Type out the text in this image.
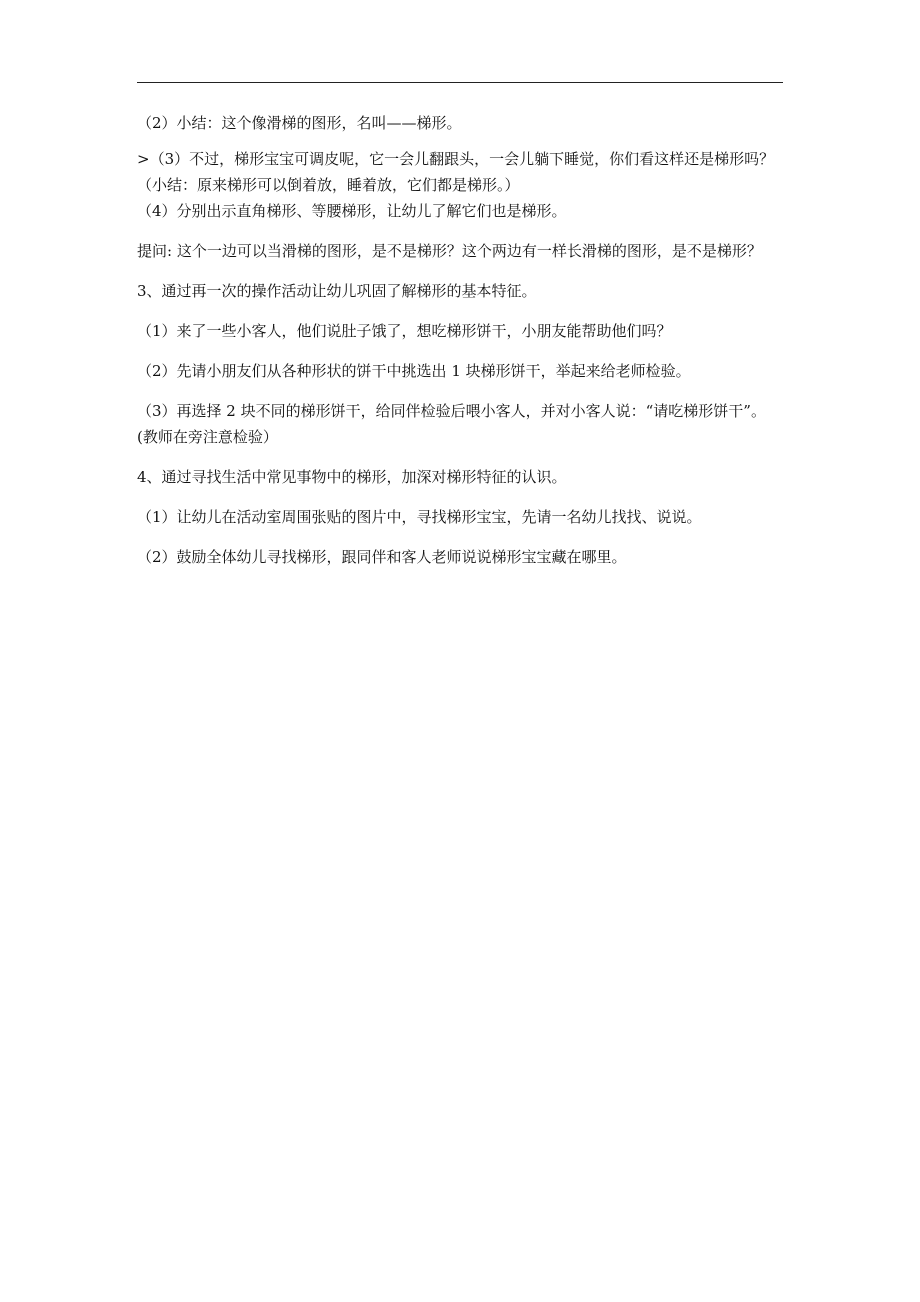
（2）小结：这个像滑梯的图形，名叫——梯形。

>（3）不过，梯形宝宝可调皮呢，它一会儿翻跟头，一会儿躺下睡觉，你们看这样还是梯形吗？（小结：原来梯形可以倒着放，睡着放，它们都是梯形。）

（4）分别出示直角梯形、等腰梯形，让幼儿了解它们也是梯形。

提问: 这个一边可以当滑梯的图形，是不是梯形？这个两边有一样长滑梯的图形，是不是梯形？

3、通过再一次的操作活动让幼儿巩固了解梯形的基本特征。

（1）来了一些小客人，他们说肚子饿了，想吃梯形饼干，小朋友能帮助他们吗？

（2）先请小朋友们从各种形状的饼干中挑选出 1 块梯形饼干，举起来给老师检验。

（3）再选择 2 块不同的梯形饼干，给同伴检验后喂小客人，并对小客人说：“请吃梯形饼干”。(教师在旁注意检验）

4、通过寻找生活中常见事物中的梯形，加深对梯形特征的认识。

（1）让幼儿在活动室周围张贴的图片中，寻找梯形宝宝，先请一名幼儿找找、说说。

（2）鼓励全体幼儿寻找梯形，跟同伴和客人老师说说梯形宝宝藏在哪里。
